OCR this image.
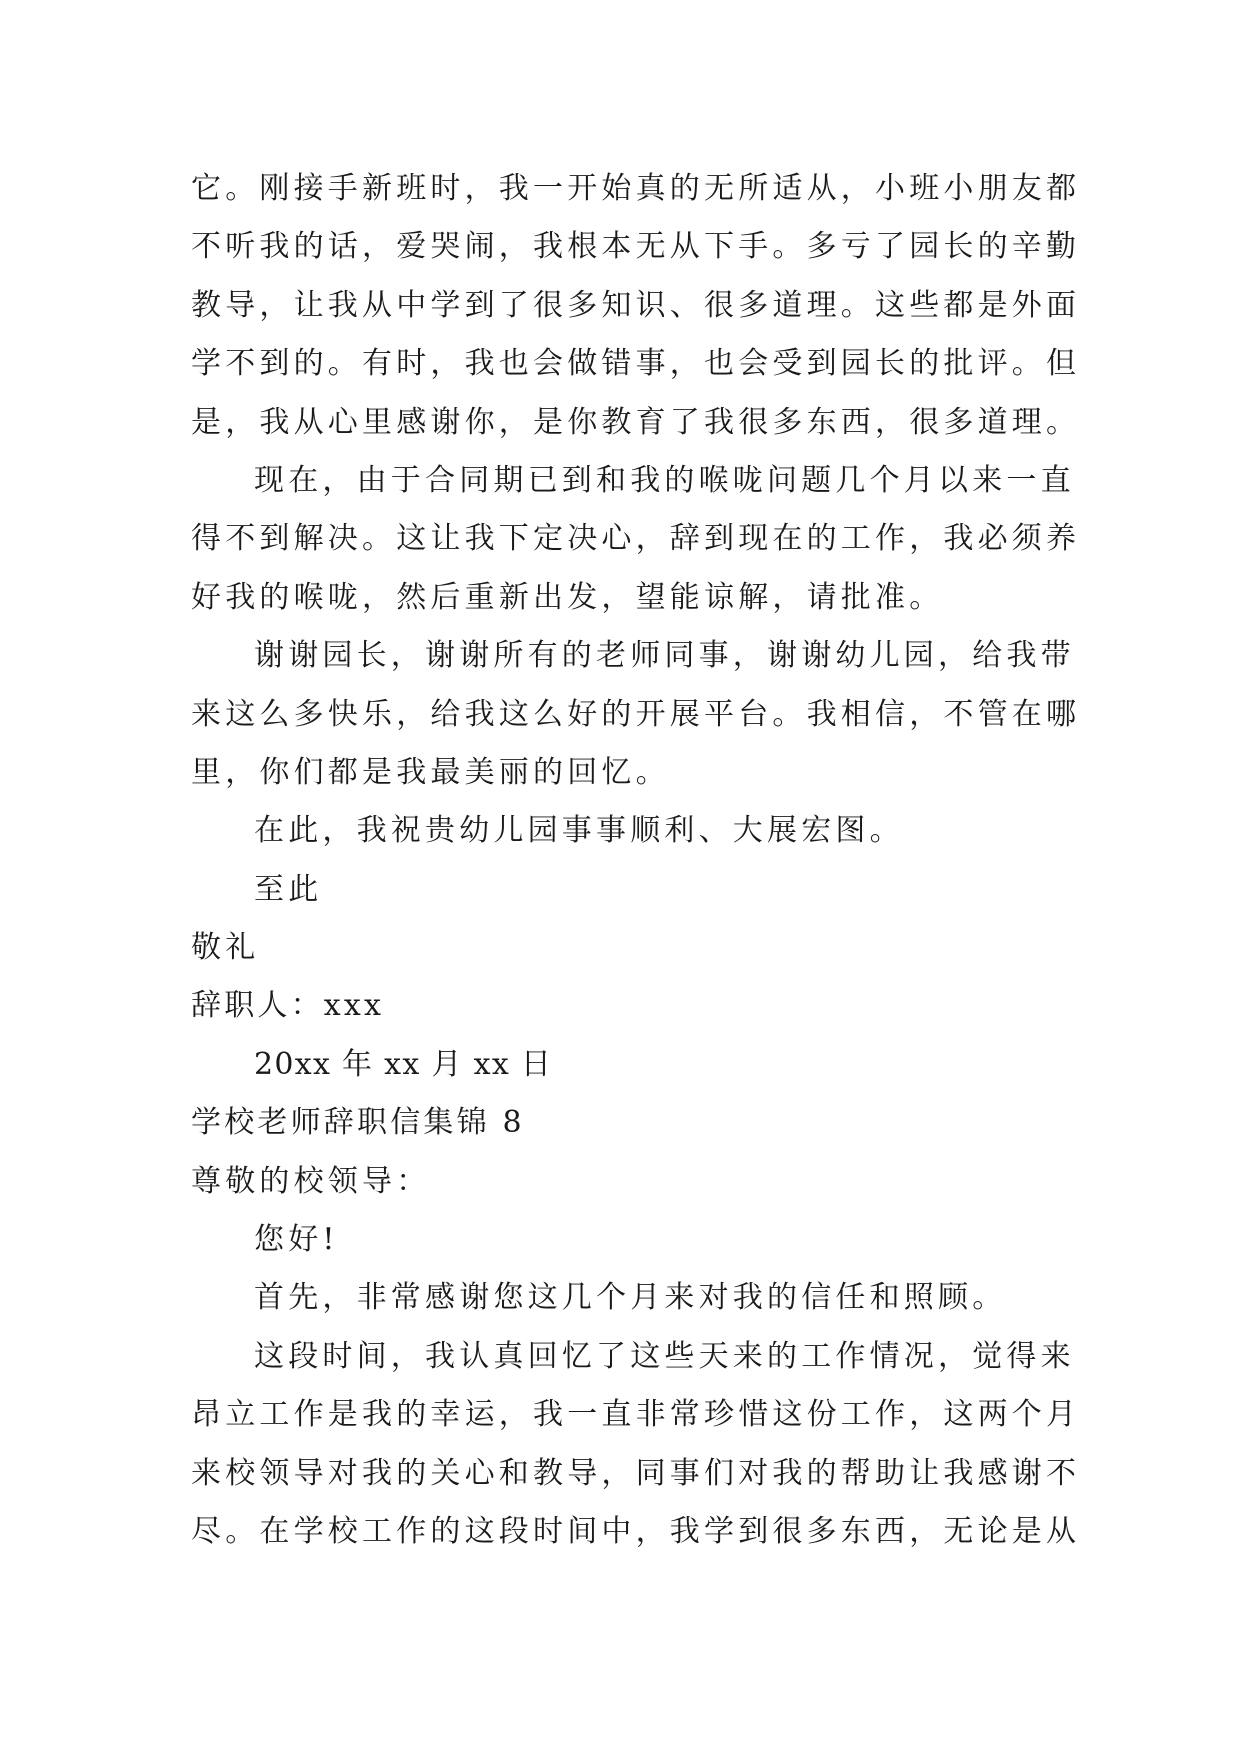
它。刚接手新班时，我一开始真的无所适从，小班小朋友都
不听我的话，爱哭闹，我根本无从下手。多亏了园长的辛勤
教导，让我从中学到了很多知识、很多道理。这些都是外面
学不到的。有时，我也会做错事，也会受到园长的批评。但
是，我从心里感谢你，是你教育了我很多东西，很多道理。
现在，由于合同期已到和我的喉咙问题几个月以来一直
得不到解决。这让我下定决心，辞到现在的工作，我必须养
好我的喉咙，然后重新出发，望能谅解，请批准。
谢谢园长，谢谢所有的老师同事，谢谢幼儿园，给我带
来这么多快乐，给我这么好的开展平台。我相信，不管在哪
里，你们都是我最美丽的回忆。
在此，我祝贵幼儿园事事顺利、大展宏图。
至此
敬礼
辞职人：xxx
20xx 年 xx 月 xx 日
学校老师辞职信集锦 8
尊敬的校领导：
您好!
首先，非常感谢您这几个月来对我的信任和照顾。
这段时间，我认真回忆了这些天来的工作情况，觉得来
昂立工作是我的幸运，我一直非常珍惜这份工作，这两个月
来校领导对我的关心和教导，同事们对我的帮助让我感谢不
尽。在学校工作的这段时间中，我学到很多东西，无论是从
